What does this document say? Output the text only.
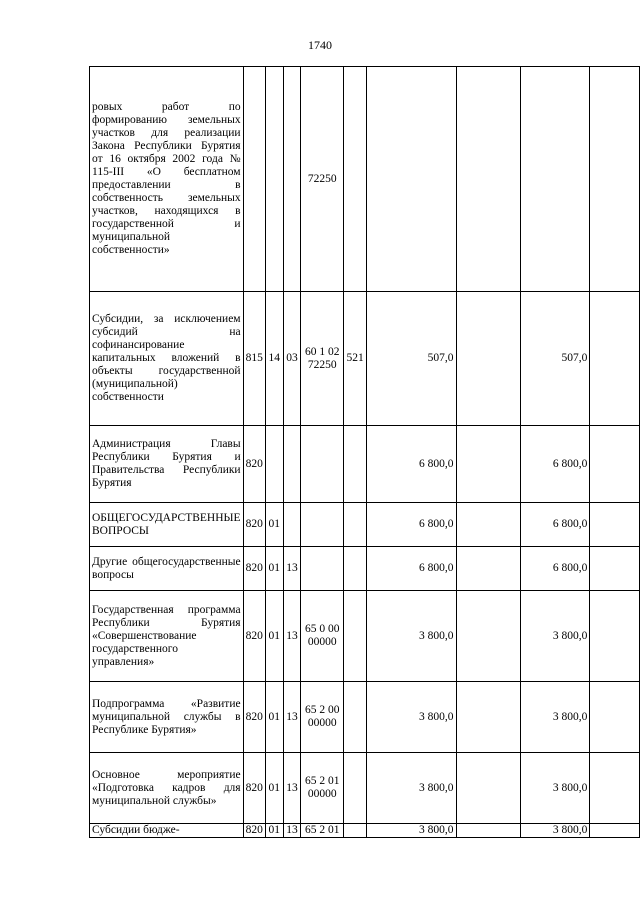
1740
ровых работ по формированию земельных участков для реализации Закона Республики Бурятия от 16 октября 2002 года № 115-III «О бесплатном предоставлении в собственность земельных участков, находящихся в государственной и муниципальной собственности»				72250					
Субсидии, за исключением субсидий на софинансирование капитальных вложений в объекты государственной (муниципальной) собственности	815	14	03	60 1 02 72250	521	507,0		507,0	
Администрация Главы Республики Бурятия и Правительства Республики Бурятия	820					6 800,0		6 800,0	
ОБЩЕГОСУДАРСТВЕННЫЕ ВОПРОСЫ	820	01				6 800,0		6 800,0	
Другие общегосударственные вопросы	820	01	13			6 800,0		6 800,0	
Государственная программа Республики Бурятия «Совершенствование государственного управления»	820	01	13	65 0 00 00000		3 800,0		3 800,0	
Подпрограмма «Развитие муниципальной службы в Республике Бурятия»	820	01	13	65 2 00 00000		3 800,0		3 800,0	
Основное мероприятие «Подготовка кадров для муниципальной службы»	820	01	13	65 2 01 00000		3 800,0		3 800,0	
Субсидии бюдже-	820	01	13	65 2 01		3 800,0		3 800,0	
